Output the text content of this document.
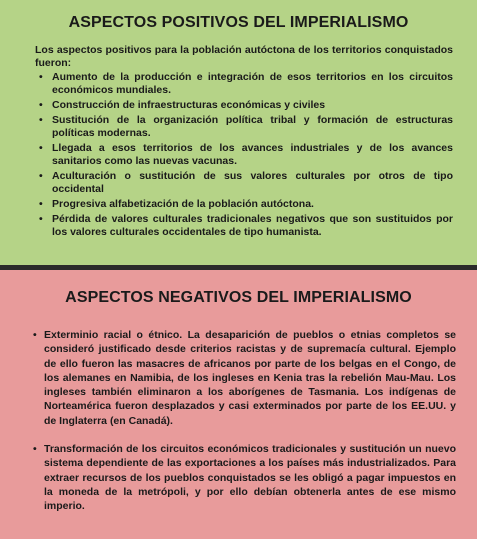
ASPECTOS POSITIVOS DEL IMPERIALISMO

Los aspectos positivos para la población autóctona de los territorios conquistados fueron:

• Aumento de la producción e integración de esos territorios en los circuitos económicos mundiales.
• Construcción de infraestructuras económicas y civiles
• Sustitución de la organización política tribal y formación de estructuras políticas modernas.
• Llegada a esos territorios de los avances industriales y de los avances sanitarios como las nuevas vacunas.
• Aculturación o sustitución de sus valores culturales por otros de tipo occidental
• Progresiva alfabetización de la población autóctona.
• Pérdida de valores culturales tradicionales negativos que son sustituidos por los valores culturales occidentales de tipo humanista.
ASPECTOS NEGATIVOS DEL IMPERIALISMO
• Exterminio racial o étnico. La desaparición de pueblos o etnias completos se consideró justificado desde criterios racistas y de supremacía cultural. Ejemplo de ello fueron las masacres de africanos por parte de los belgas en el Congo, de los alemanes en Namibia, de los ingleses en Kenia tras la rebelión Mau-Mau. Los ingleses también eliminaron a los aborígenes de Tasmania. Los indígenas de Norteamérica fueron desplazados y casi exterminados por parte de los EE.UU. y de Inglaterra (en Canadá).
• Transformación de los circuitos económicos tradicionales y sustitución un nuevo sistema dependiente de las exportaciones a los países más industrializados. Para extraer recursos de los pueblos conquistados se les obligó a pagar impuestos en la moneda de la metrópoli, y por ello debían obtenerla antes de ese mismo imperio.
